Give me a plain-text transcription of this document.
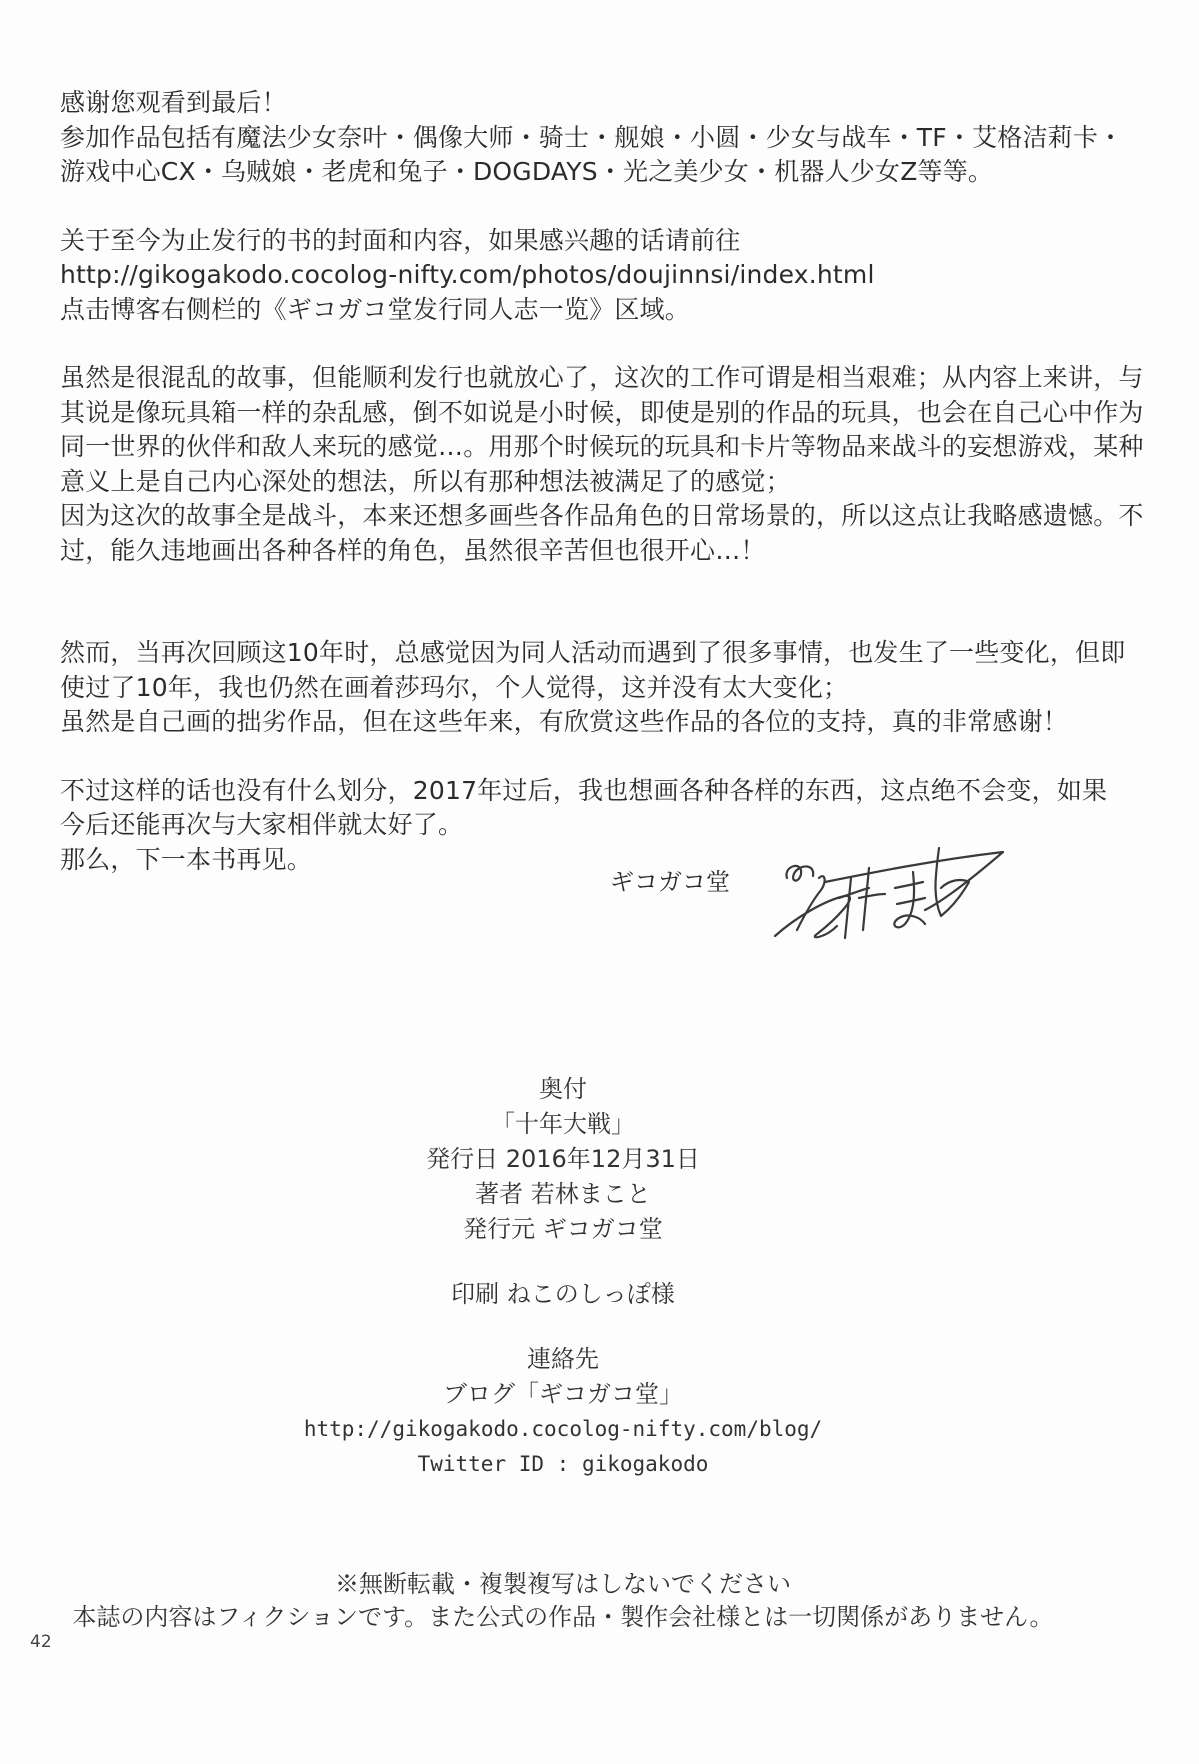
感谢您观看到最后！
参加作品包括有魔法少女奈叶・偶像大师・骑士・舰娘・小圆・少女与战车・TF・艾格洁莉卡・
游戏中心CX・乌贼娘・老虎和兔子・DOGDAYS・光之美少女・机器人少女Z等等。

关于至今为止发行的书的封面和内容，如果感兴趣的话请前往
http://gikogakodo.cocolog-nifty.com/photos/doujinnsi/index.html
点击博客右侧栏的《ギコガコ堂发行同人志一览》区域。

虽然是很混乱的故事，但能顺利发行也就放心了，这次的工作可谓是相当艰难；从内容上来讲，与
其说是像玩具箱一样的杂乱感，倒不如说是小时候，即使是别的作品的玩具，也会在自己心中作为
同一世界的伙伴和敌人来玩的感觉…。用那个时候玩的玩具和卡片等物品来战斗的妄想游戏，某种
意义上是自己内心深处的想法，所以有那种想法被满足了的感觉；
因为这次的故事全是战斗，本来还想多画些各作品角色的日常场景的，所以这点让我略感遗憾。不
过，能久违地画出各种各样的角色，虽然很辛苦但也很开心…！

然而，当再次回顾这10年时，总感觉因为同人活动而遇到了很多事情，也发生了一些变化，但即
使过了10年，我也仍然在画着莎玛尔，个人觉得，这并没有太大变化；
虽然是自己画的拙劣作品，但在这些年来，有欣赏这些作品的各位的支持，真的非常感谢！

不过这样的话也没有什么划分，2017年过后，我也想画各种各样的东西，这点绝不会变，如果
今后还能再次与大家相伴就太好了。
那么，下一本书再见。

ギコガコ堂
奥付
「十年大戦」
発行日 2016年12月31日
著者 若林まこと
発行元 ギコガコ堂
印刷 ねこのしっぽ様
連絡先
ブログ「ギコガコ堂」
http://gikogakodo.cocolog-nifty.com/blog/
Twitter ID : gikogakodo
※無断転載・複製複写はしないでください
本誌の内容はフィクションです。また公式の作品・製作会社様とは一切関係がありません。
42
